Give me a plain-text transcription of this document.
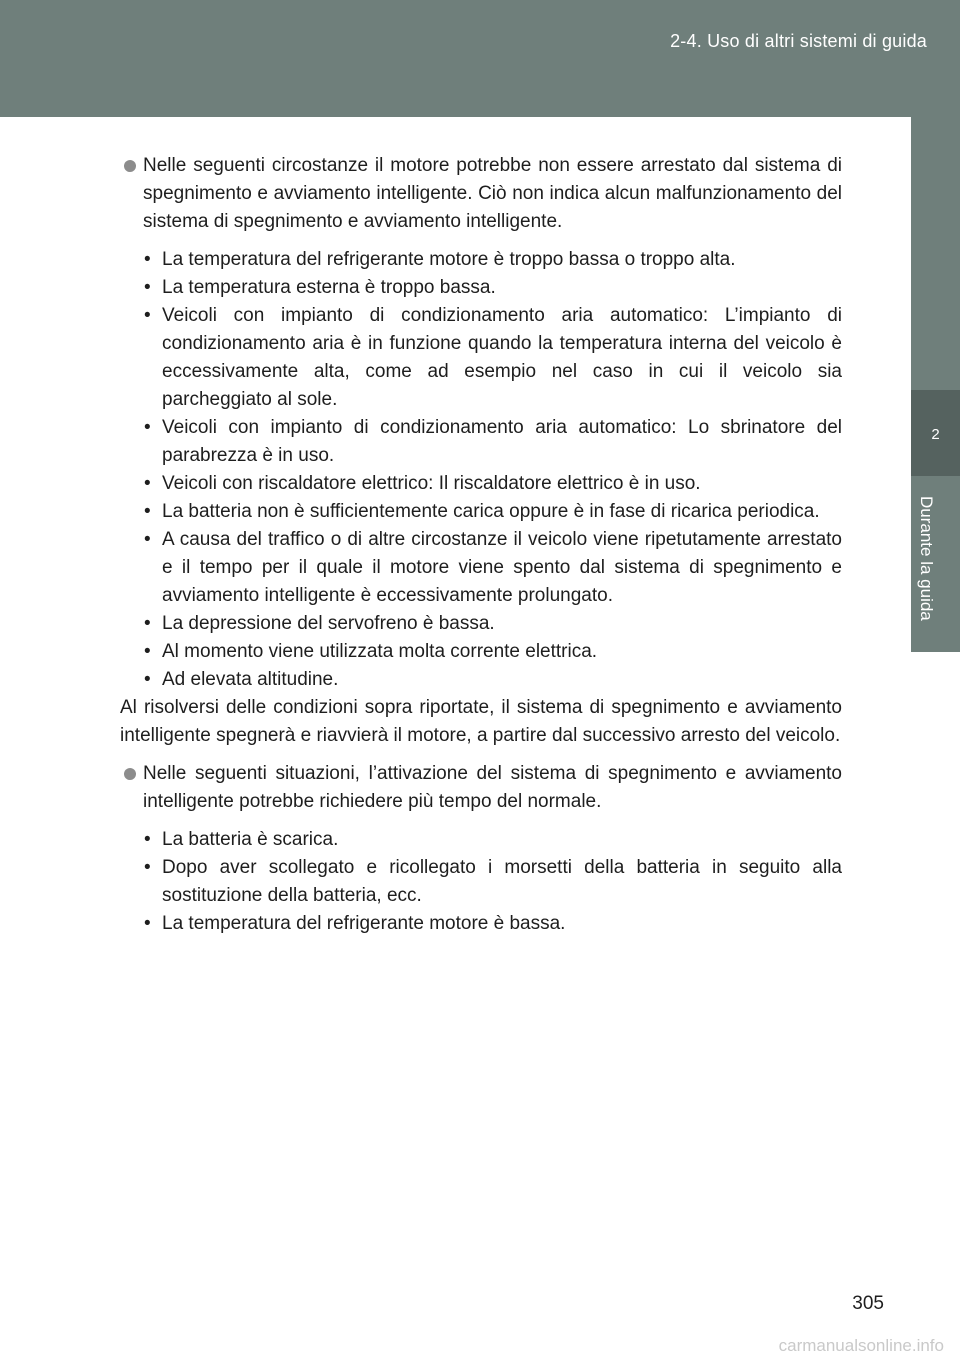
2-4. Uso di altri sistemi di guida
2
Durante la guida

Nelle seguenti circostanze il motore potrebbe non essere arrestato dal sistema di spegnimento e avviamento intelligente. Ciò non indica alcun malfunzionamento del sistema di spegnimento e avviamento intelligente.

• La temperatura del refrigerante motore è troppo bassa o troppo alta.
• La temperatura esterna è troppo bassa.
• Veicoli con impianto di condizionamento aria automatico: L’impianto di condizionamento aria è in funzione quando la temperatura interna del veicolo è eccessivamente alta, come ad esempio nel caso in cui il veicolo sia parcheggiato al sole.
• Veicoli con impianto di condizionamento aria automatico: Lo sbrinatore del parabrezza è in uso.
• Veicoli con riscaldatore elettrico: Il riscaldatore elettrico è in uso.
• La batteria non è sufficientemente carica oppure è in fase di ricarica periodica.
• A causa del traffico o di altre circostanze il veicolo viene ripetutamente arrestato e il tempo per il quale il motore viene spento dal sistema di spegnimento e avviamento intelligente è eccessivamente prolungato.
• La depressione del servofreno è bassa.
• Al momento viene utilizzata molta corrente elettrica.
• Ad elevata altitudine.

Al risolversi delle condizioni sopra riportate, il sistema di spegnimento e avviamento intelligente spegnerà e riavvierà il motore, a partire dal successivo arresto del veicolo.

Nelle seguenti situazioni, l’attivazione del sistema di spegnimento e avviamento intelligente potrebbe richiedere più tempo del normale.

• La batteria è scarica.
• Dopo aver scollegato e ricollegato i morsetti della batteria in seguito alla sostituzione della batteria, ecc.
• La temperatura del refrigerante motore è bassa.
305
carmanualsonline.info
